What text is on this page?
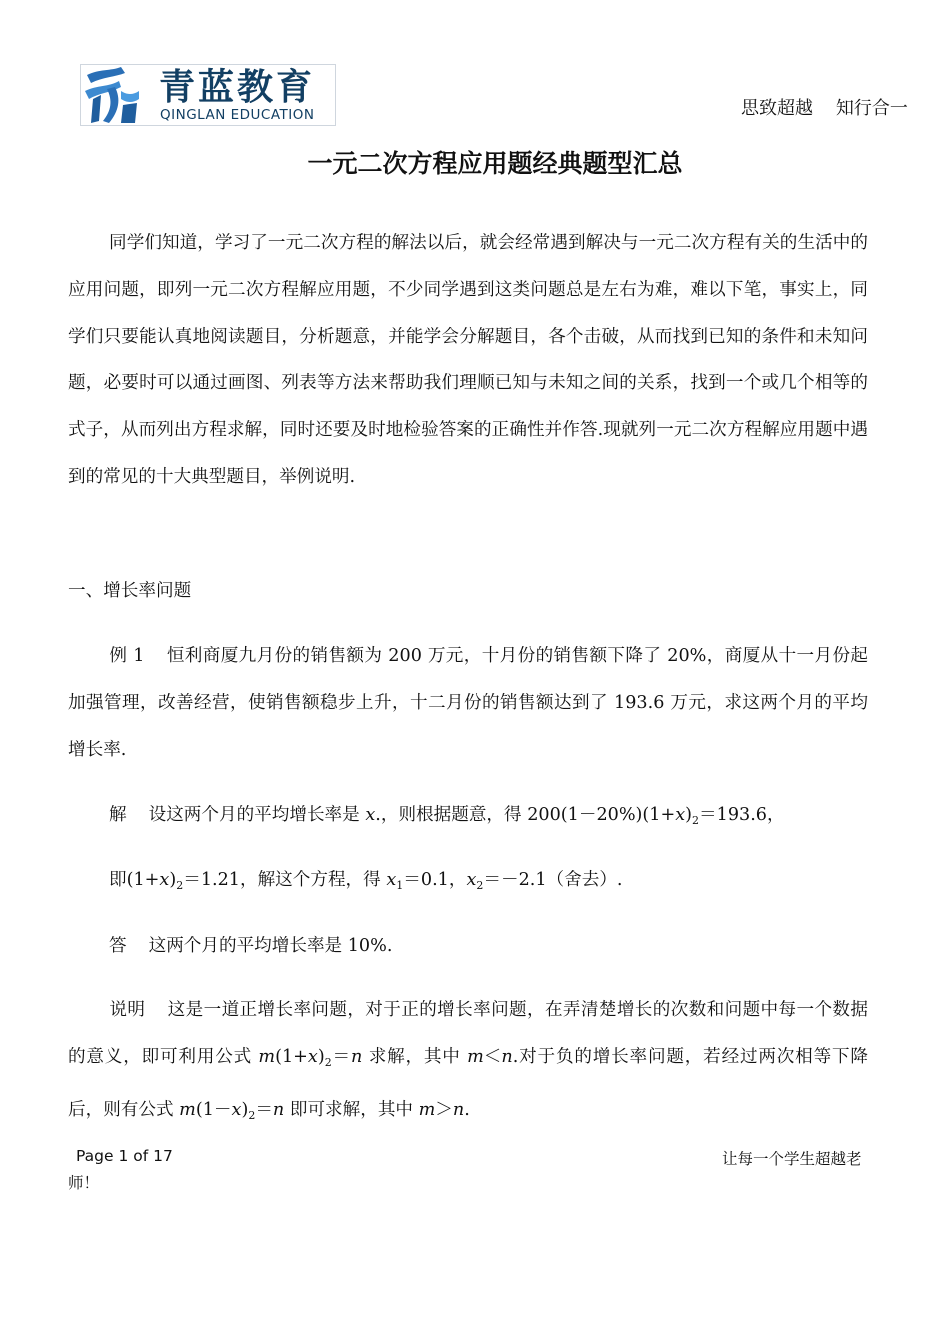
青蓝教育
QINGLAN EDUCATION	思致超越    知行合一
一元二次方程应用题经典题型汇总
同学们知道，学习了一元二次方程的解法以后，就会经常遇到解决与一元二次方程有关的生活中的应用问题，即列一元二次方程解应用题，不少同学遇到这类问题总是左右为难，难以下笔，事实上，同学们只要能认真地阅读题目，分析题意，并能学会分解题目，各个击破，从而找到已知的条件和未知问题，必要时可以通过画图、列表等方法来帮助我们理顺已知与未知之间的关系，找到一个或几个相等的式子，从而列出方程求解，同时还要及时地检验答案的正确性并作答.现就列一元二次方程解应用题中遇到的常见的十大典型题目，举例说明.
一、增长率问题
例 1 恒利商厦九月份的销售额为 200 万元，十月份的销售额下降了 20%，商厦从十一月份起加强管理，改善经营，使销售额稳步上升，十二月份的销售额达到了 193.6 万元，求这两个月的平均增长率.
解 设这两个月的平均增长率是 x.，则根据题意，得 $200(1-20\%)(1+x)_2=193.6$，
即$(1+x)_2=1.21$，解这个方程，得 $x_1=0.1$，$x_2=-2.1$（舍去）.
答 这两个月的平均增长率是 10%.
说明 这是一道正增长率问题，对于正的增长率问题，在弄清楚增长的次数和问题中每一个数据的意义，即可利用公式 $m(1+x)_2=n$ 求解，其中 m＜n.对于负的增长率问题，若经过两次相等下降后，则有公式 $m(1-x)_2=n$ 即可求解，其中 m＞n.
Page 1 of 17	让每一个学生超越老
师！
